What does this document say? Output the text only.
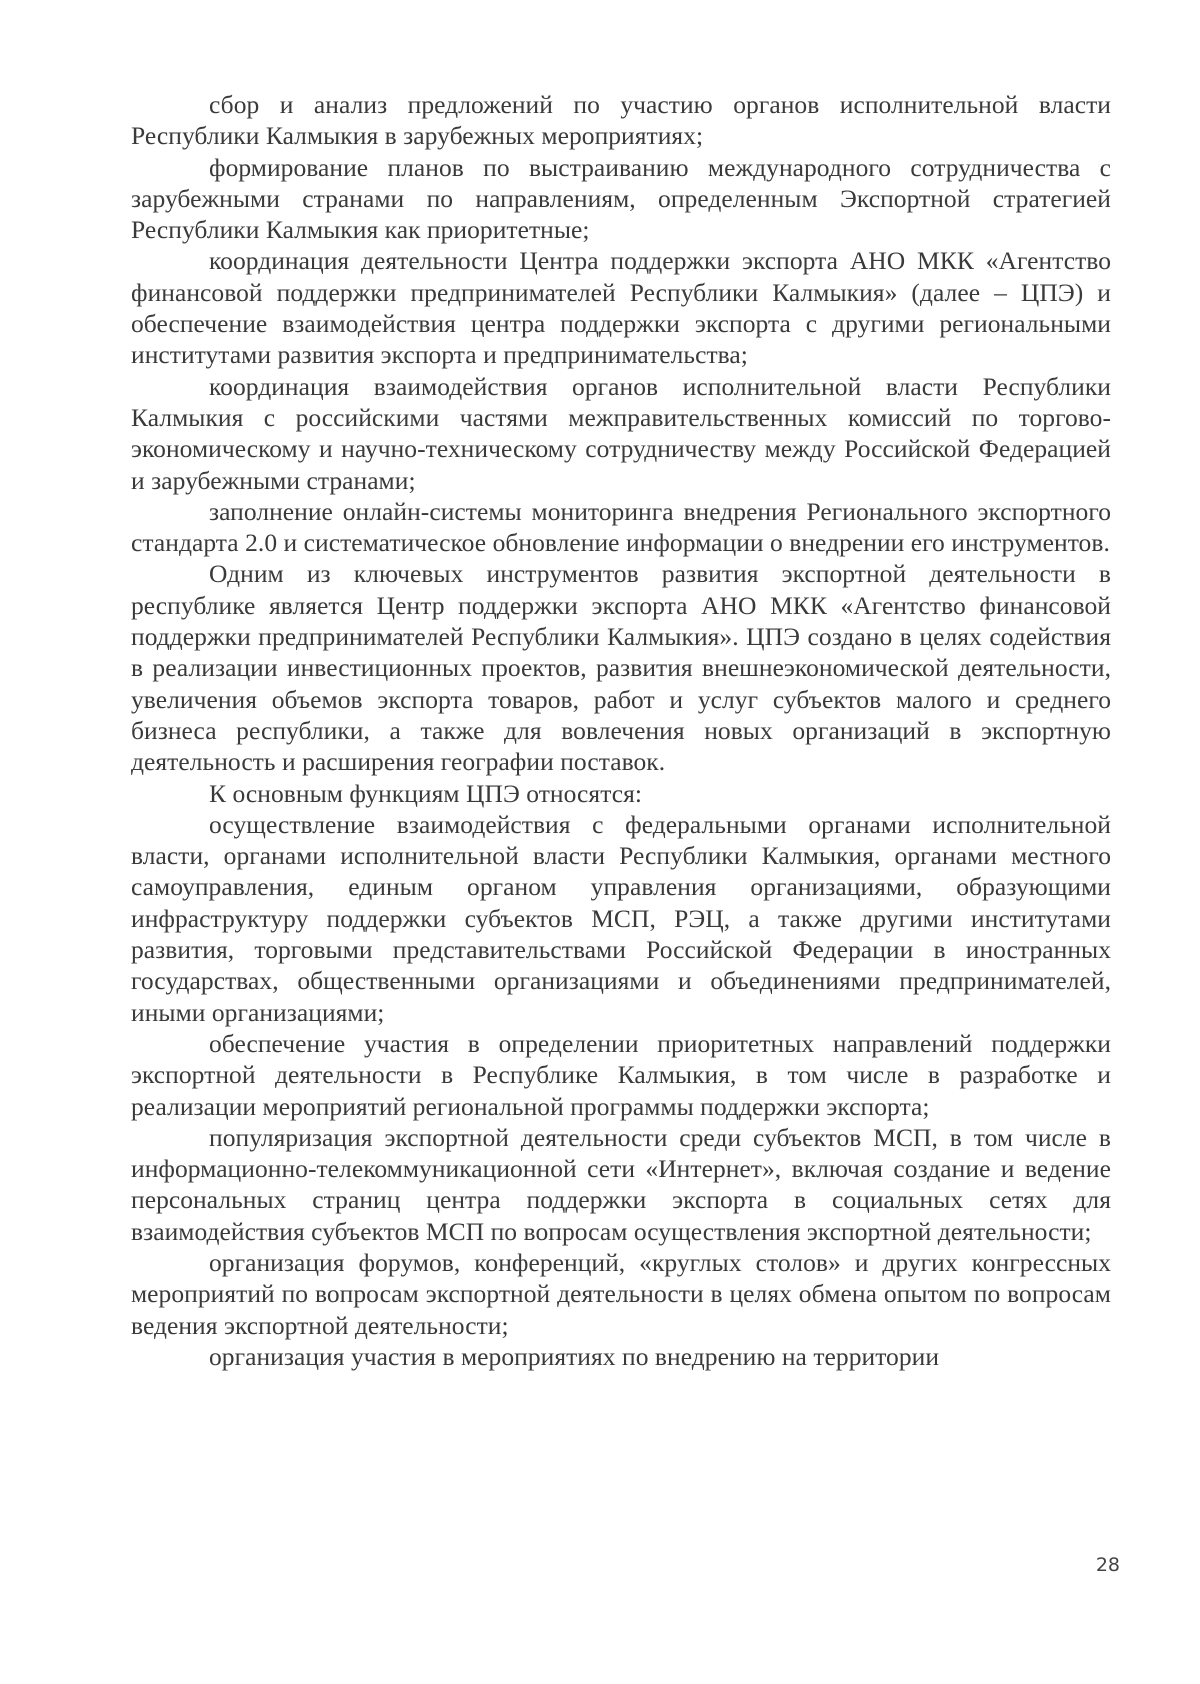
сбор и анализ предложений по участию органов исполнительной власти Республики Калмыкия в зарубежных мероприятиях;

формирование планов по выстраиванию международного сотрудничества с зарубежными странами по направлениям, определенным Экспортной стратегией Республики Калмыкия как приоритетные;

координация деятельности Центра поддержки экспорта АНО МКК «Агентство финансовой поддержки предпринимателей Республики Калмыкия» (далее – ЦПЭ) и обеспечение взаимодействия центра поддержки экспорта с другими региональными институтами развития экспорта и предпринимательства;

координация взаимодействия органов исполнительной власти Республики Калмыкия с российскими частями межправительственных комиссий по торгово-экономическому и научно-техническому сотрудничеству между Российской Федерацией и зарубежными странами;

заполнение онлайн-системы мониторинга внедрения Регионального экспортного стандарта 2.0 и систематическое обновление информации о внедрении его инструментов.

Одним из ключевых инструментов развития экспортной деятельности в республике является Центр поддержки экспорта АНО МКК «Агентство финансовой поддержки предпринимателей Республики Калмыкия». ЦПЭ создано в целях содействия в реализации инвестиционных проектов, развития внешнеэкономической деятельности, увеличения объемов экспорта товаров, работ и услуг субъектов малого и среднего бизнеса республики, а также для вовлечения новых организаций в экспортную деятельность и расширения географии поставок.

К основным функциям ЦПЭ относятся:

осуществление взаимодействия с федеральными органами исполнительной власти, органами исполнительной власти Республики Калмыкия, органами местного самоуправления, единым органом управления организациями, образующими инфраструктуру поддержки субъектов МСП, РЭЦ, а также другими институтами развития, торговыми представительствами Российской Федерации в иностранных государствах, общественными организациями и объединениями предпринимателей, иными организациями;

обеспечение участия в определении приоритетных направлений поддержки экспортной деятельности в Республике Калмыкия, в том числе в разработке и реализации мероприятий региональной программы поддержки экспорта;

популяризация экспортной деятельности среди субъектов МСП, в том числе в информационно-телекоммуникационной сети «Интернет», включая создание и ведение персональных страниц центра поддержки экспорта в социальных сетях для взаимодействия субъектов МСП по вопросам осуществления экспортной деятельности;

организация форумов, конференций, «круглых столов» и других конгрессных мероприятий по вопросам экспортной деятельности в целях обмена опытом по вопросам ведения экспортной деятельности;

организация участия в мероприятиях по внедрению на территории

28
